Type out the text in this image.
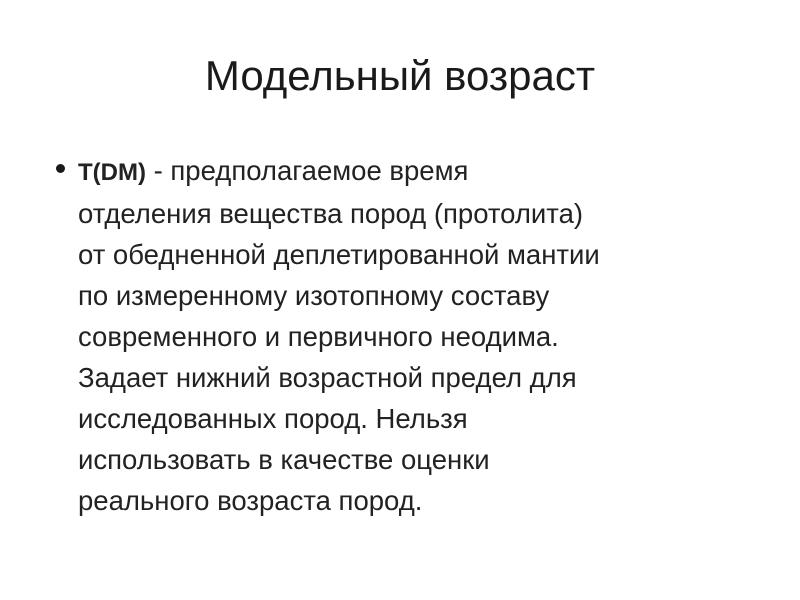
Модельный возраст

T(DM) - предполагаемое время
отделения вещества пород (протолита)
от обедненной деплетированной мантии
по измеренному изотопному составу
современного и первичного неодима.
Задает нижний возрастной предел для
исследованных пород. Нельзя
использовать в качестве оценки
реального возраста пород.
